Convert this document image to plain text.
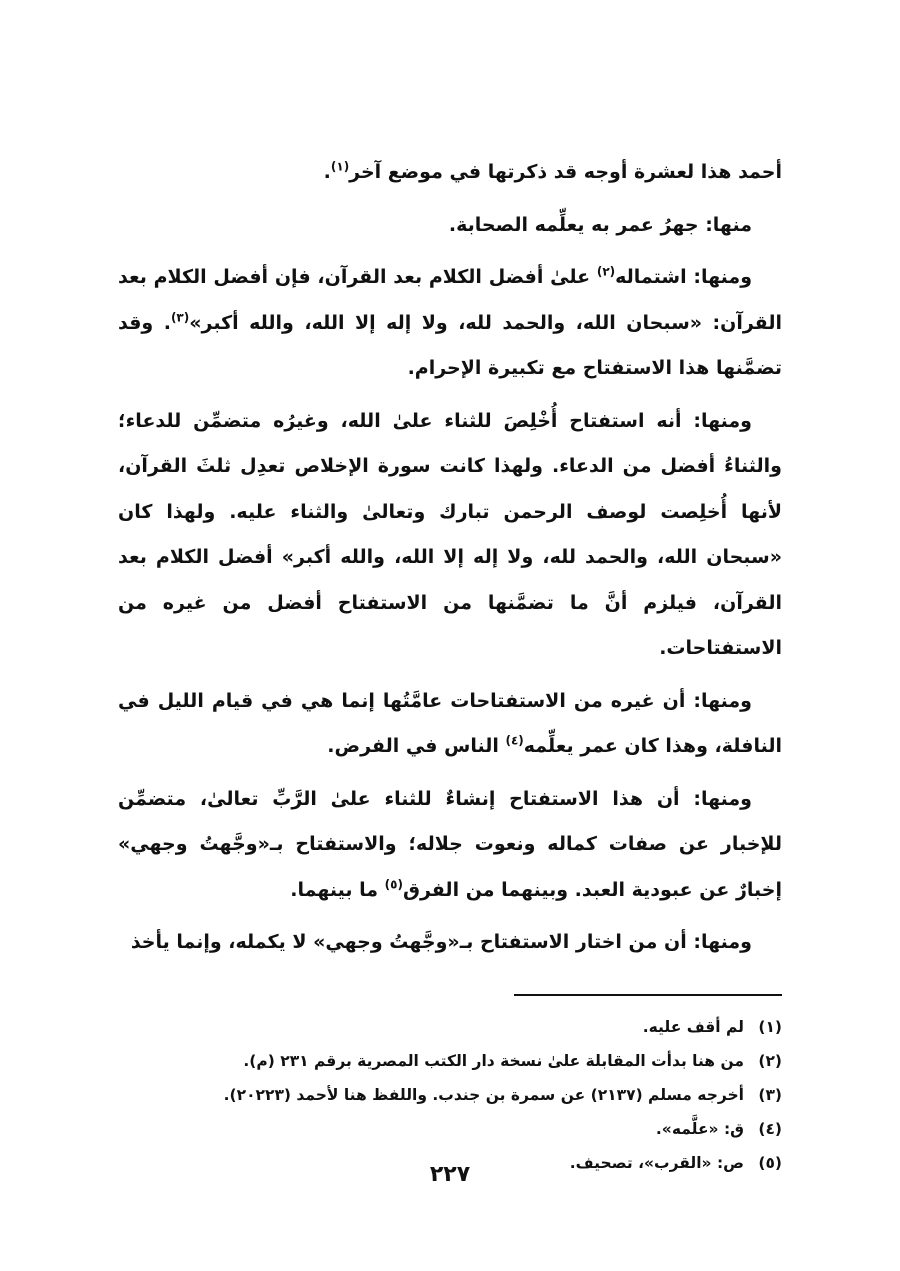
أحمد هذا لعشرة أوجه قد ذكرتها في موضع آخر$^{(١)}$.

منها: جهرُ عمر به يعلِّمه الصحابة.

ومنها: اشتماله$^{(٢)}$ علىٰ أفضل الكلام بعد القرآن، فإن أفضل الكلام بعد القرآن: «سبحان الله، والحمد لله، ولا إله إلا الله، والله أكبر»$^{(٣)}$. وقد تضمَّنها هذا الاستفتاح مع تكبيرة الإحرام.

ومنها: أنه استفتاح أُخْلِصَ للثناء علىٰ الله، وغيرُه متضمِّن للدعاء؛ والثناءُ أفضل من الدعاء. ولهذا كانت سورة الإخلاص تعدِل ثلثَ القرآن، لأنها أُخلِصت لوصف الرحمن تبارك وتعالىٰ والثناء عليه. ولهذا كان «سبحان الله، والحمد لله، ولا إله إلا الله، والله أكبر» أفضل الكلام بعد القرآن، فيلزم أنَّ ما تضمَّنها من الاستفتاح أفضل من غيره من الاستفتاحات.

ومنها: أن غيره من الاستفتاحات عامَّتُها إنما هي في قيام الليل في النافلة، وهذا كان عمر يعلِّمه$^{(٤)}$ الناس في الفرض.

ومنها: أن هذا الاستفتاح إنشاءٌ للثناء علىٰ الرَّبِّ تعالىٰ، متضمِّن للإخبار عن صفات كماله ونعوت جلاله؛ والاستفتاح بـ«وجَّهتُ وجهي» إخبارٌ عن عبودية العبد. وبينهما من الفرق$^{(٥)}$ ما بينهما.

ومنها: أن من اختار الاستفتاح بـ«وجَّهتُ وجهي» لا يكمله، وإنما يأخذ

(١)
لم أقف عليه.
(٢)
من هنا بدأت المقابلة علىٰ نسخة دار الكتب المصرية برقم ٢٣١ (م).
(٣)
أخرجه مسلم (٢١٣٧) عن سمرة بن جندب. واللفظ هنا لأحمد (٢٠٢٢٣).
(٤)
ق: «علَّمه».
(٥)
ص: «القرب»، تصحيف.
٢٢٧
